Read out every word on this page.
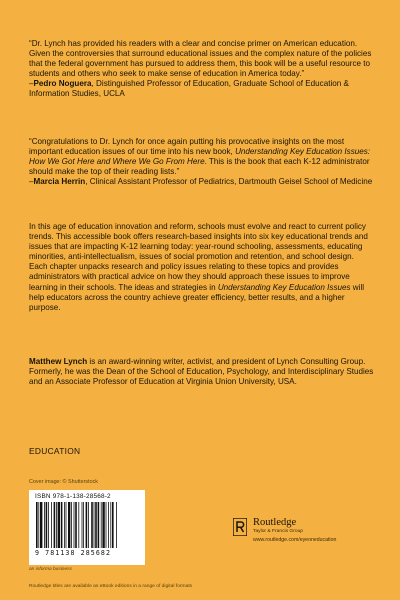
“Dr. Lynch has provided his readers with a clear and concise primer on American education. Given the controversies that surround educational issues and the complex nature of the policies that the federal government has pursued to address them, this book will be a useful resource to students and others who seek to make sense of education in America today.”
–Pedro Noguera, Distinguished Professor of Education, Graduate School of Education & Information Studies, UCLA

“Congratulations to Dr. Lynch for once again putting his provocative insights on the most important education issues of our time into his new book, Understanding Key Education Issues: How We Got Here and Where We Go From Here. This is the book that each K-12 administrator should make the top of their reading lists.”
–Marcia Herrin, Clinical Assistant Professor of Pediatrics, Dartmouth Geisel School of Medicine

In this age of education innovation and reform, schools must evolve and react to current policy trends. This accessible book offers research-based insights into six key educational trends and issues that are impacting K-12 learning today: year-round schooling, assessments, educating minorities, anti-intellectualism, issues of social promotion and retention, and school design. Each chapter unpacks research and policy issues relating to these topics and provides administrators with practical advice on how they should approach these issues to improve learning in their schools. The ideas and strategies in Understanding Key Education Issues will help educators across the country achieve greater efficiency, better results, and a higher purpose.

Matthew Lynch is an award-winning writer, activist, and president of Lynch Consulting Group. Formerly, he was the Dean of the School of Education, Psychology, and Interdisciplinary Studies and an Associate Professor of Education at Virginia Union University, USA.

EDUCATION
Cover image: © Shutterstock
ISBN 978-1-138-28568-2
9 781138 285682
an informa business
Routledge
Taylor & Francis Group
www.routledge.com/eyeoneducation
Routledge titles are available as eBook editions in a range of digital formats
